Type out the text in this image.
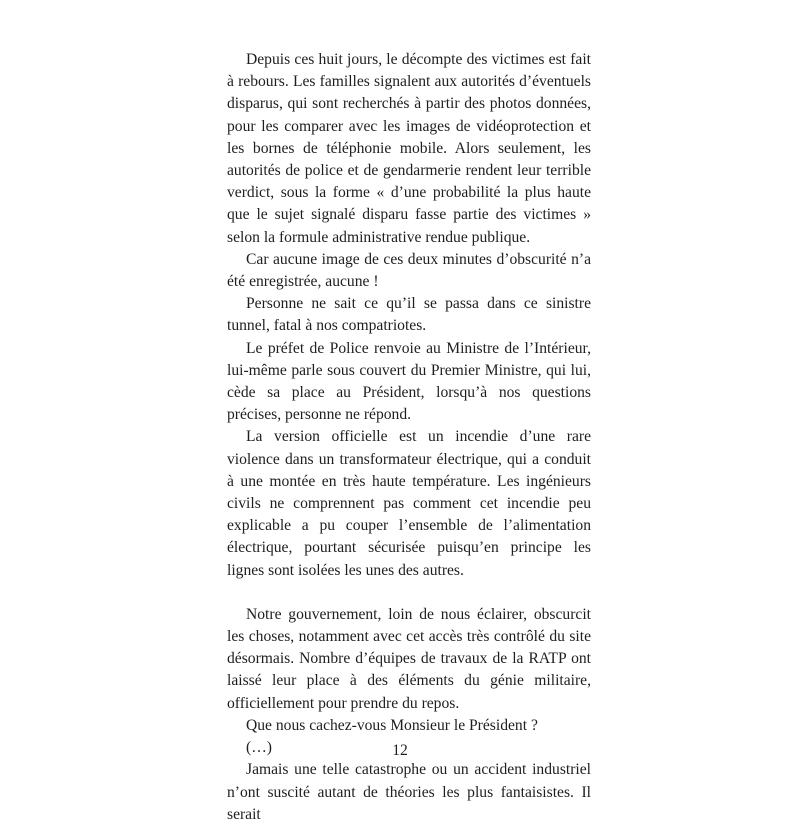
Depuis ces huit jours, le décompte des victimes est fait à rebours. Les familles signalent aux autorités d’éventuels disparus, qui sont recherchés à partir des photos données, pour les comparer avec les images de vidéoprotection et les bornes de téléphonie mobile. Alors seulement, les autorités de police et de gendarmerie rendent leur terrible verdict, sous la forme « d’une probabilité la plus haute que le sujet signalé disparu fasse partie des victimes » selon la formule administrative rendue publique.

Car aucune image de ces deux minutes d’obscurité n’a été enregistrée, aucune !

Personne ne sait ce qu’il se passa dans ce sinistre tunnel, fatal à nos compatriotes.

Le préfet de Police renvoie au Ministre de l’Intérieur, lui-même parle sous couvert du Premier Ministre, qui lui, cède sa place au Président, lorsqu’à nos questions précises, personne ne répond.

La version officielle est un incendie d’une rare violence dans un transformateur électrique, qui a conduit à une montée en très haute température. Les ingénieurs civils ne comprennent pas comment cet incendie peu explicable a pu couper l’ensemble de l’alimentation électrique, pourtant sécurisée puisqu’en principe les lignes sont isolées les unes des autres.

Notre gouvernement, loin de nous éclairer, obscurcit les choses, notamment avec cet accès très contrôlé du site désormais. Nombre d’équipes de travaux de la RATP ont laissé leur place à des éléments du génie militaire, officiellement pour prendre du repos.

Que nous cachez-vous Monsieur le Président ?

(…)

Jamais une telle catastrophe ou un accident industriel n’ont suscité autant de théories les plus fantaisistes. Il serait

12
